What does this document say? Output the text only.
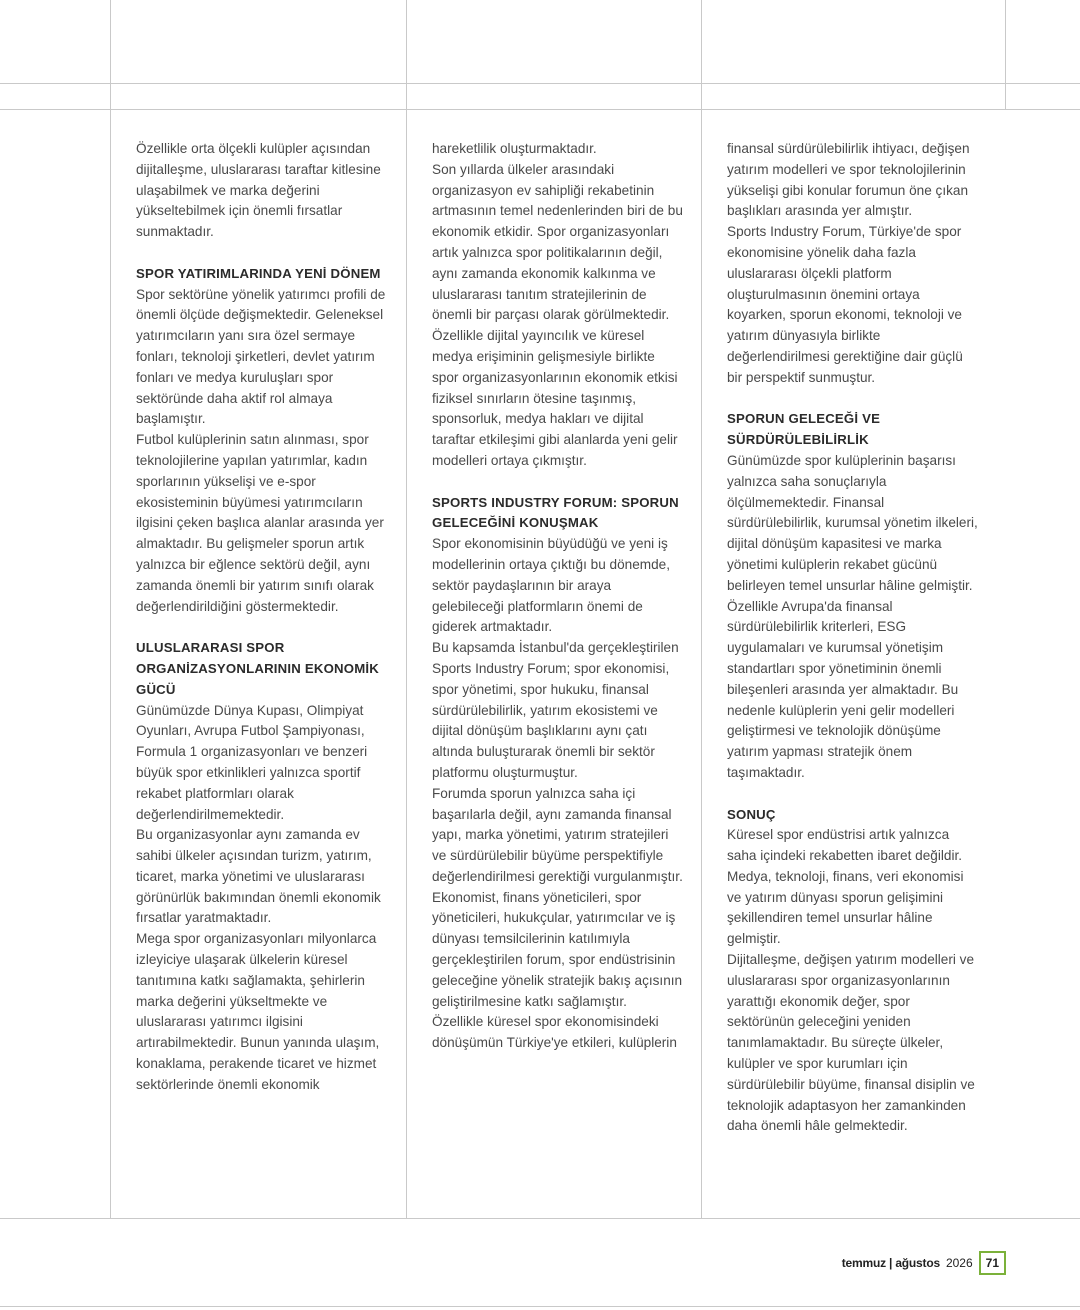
Özellikle orta ölçekli kulüpler açısından dijitalleşme, uluslararası taraftar kitlesine ulaşabilmek ve marka değerini yükseltebilmek için önemli fırsatlar sunmaktadır.

SPOR YATIRIMLARINDA YENİ DÖNEM

Spor sektörüne yönelik yatırımcı profili de önemli ölçüde değişmektedir. Geleneksel yatırımcıların yanı sıra özel sermaye fonları, teknoloji şirketleri, devlet yatırım fonları ve medya kuruluşları spor sektöründe daha aktif rol almaya başlamıştır.

Futbol kulüplerinin satın alınması, spor teknolojilerine yapılan yatırımlar, kadın sporlarının yükselişi ve e-spor ekosisteminin büyümesi yatırımcıların ilgisini çeken başlıca alanlar arasında yer almaktadır. Bu gelişmeler sporun artık yalnızca bir eğlence sektörü değil, aynı zamanda önemli bir yatırım sınıfı olarak değerlendirildiğini göstermektedir.

ULUSLARARASI SPOR ORGANİZASYONLARININ EKONOMİK GÜCÜ

Günümüzde Dünya Kupası, Olimpiyat Oyunları, Avrupa Futbol Şampiyonası, Formula 1 organizasyonları ve benzeri büyük spor etkinlikleri yalnızca sportif rekabet platformları olarak değerlendirilmemektedir.

Bu organizasyonlar aynı zamanda ev sahibi ülkeler açısından turizm, yatırım, ticaret, marka yönetimi ve uluslararası görünürlük bakımından önemli ekonomik fırsatlar yaratmaktadır.

Mega spor organizasyonları milyonlarca izleyiciye ulaşarak ülkelerin küresel tanıtımına katkı sağlamakta, şehirlerin marka değerini yükseltmekte ve uluslararası yatırımcı ilgisini artırabilmektedir. Bunun yanında ulaşım, konaklama, perakende ticaret ve hizmet sektörlerinde önemli ekonomik

hareketlilik oluşturmaktadır.

Son yıllarda ülkeler arasındaki organizasyon ev sahipliği rekabetinin artmasının temel nedenlerinden biri de bu ekonomik etkidir. Spor organizasyonları artık yalnızca spor politikalarının değil, aynı zamanda ekonomik kalkınma ve uluslararası tanıtım stratejilerinin de önemli bir parçası olarak görülmektedir.

Özellikle dijital yayıncılık ve küresel medya erişiminin gelişmesiyle birlikte spor organizasyonlarının ekonomik etkisi fiziksel sınırların ötesine taşınmış, sponsorluk, medya hakları ve dijital taraftar etkileşimi gibi alanlarda yeni gelir modelleri ortaya çıkmıştır.

SPORTS INDUSTRY FORUM: SPORUN GELECEĞİNİ KONUŞMAK

Spor ekonomisinin büyüdüğü ve yeni iş modellerinin ortaya çıktığı bu dönemde, sektör paydaşlarının bir araya gelebileceği platformların önemi de giderek artmaktadır.

Bu kapsamda İstanbul'da gerçekleştirilen Sports Industry Forum; spor ekonomisi, spor yönetimi, spor hukuku, finansal sürdürülebilirlik, yatırım ekosistemi ve dijital dönüşüm başlıklarını aynı çatı altında buluşturarak önemli bir sektör platformu oluşturmuştur.

Forumda sporun yalnızca saha içi başarılarla değil, aynı zamanda finansal yapı, marka yönetimi, yatırım stratejileri ve sürdürülebilir büyüme perspektifiyle değerlendirilmesi gerektiği vurgulanmıştır.

Ekonomist, finans yöneticileri, spor yöneticileri, hukukçular, yatırımcılar ve iş dünyası temsilcilerinin katılımıyla gerçekleştirilen forum, spor endüstrisinin geleceğine yönelik stratejik bakış açısının geliştirilmesine katkı sağlamıştır.

Özellikle küresel spor ekonomisindeki dönüşümün Türkiye'ye etkileri, kulüplerin

finansal sürdürülebilirlik ihtiyacı, değişen yatırım modelleri ve spor teknolojilerinin yükselişi gibi konular forumun öne çıkan başlıkları arasında yer almıştır.

Sports Industry Forum, Türkiye'de spor ekonomisine yönelik daha fazla uluslararası ölçekli platform oluşturulmasının önemini ortaya koyarken, sporun ekonomi, teknoloji ve yatırım dünyasıyla birlikte değerlendirilmesi gerektiğine dair güçlü bir perspektif sunmuştur.

SPORUN GELECEĞİ VE SÜRDÜRÜLEBİLİRLİK

Günümüzde spor kulüplerinin başarısı yalnızca saha sonuçlarıyla ölçülmemektedir. Finansal sürdürülebilirlik, kurumsal yönetim ilkeleri, dijital dönüşüm kapasitesi ve marka yönetimi kulüplerin rekabet gücünü belirleyen temel unsurlar hâline gelmiştir.

Özellikle Avrupa'da finansal sürdürülebilirlik kriterleri, ESG uygulamaları ve kurumsal yönetişim standartları spor yönetiminin önemli bileşenleri arasında yer almaktadır. Bu nedenle kulüplerin yeni gelir modelleri geliştirmesi ve teknolojik dönüşüme yatırım yapması stratejik önem taşımaktadır.

SONUÇ

Küresel spor endüstrisi artık yalnızca saha içindeki rekabetten ibaret değildir. Medya, teknoloji, finans, veri ekonomisi ve yatırım dünyası sporun gelişimini şekillendiren temel unsurlar hâline gelmiştir.

Dijitalleşme, değişen yatırım modelleri ve uluslararası spor organizasyonlarının yarattığı ekonomik değer, spor sektörünün geleceğini yeniden tanımlamaktadır. Bu süreçte ülkeler, kulüpler ve spor kurumları için sürdürülebilir büyüme, finansal disiplin ve teknolojik adaptasyon her zamankinden daha önemli hâle gelmektedir.

temmuz | ağustos 2026	71
